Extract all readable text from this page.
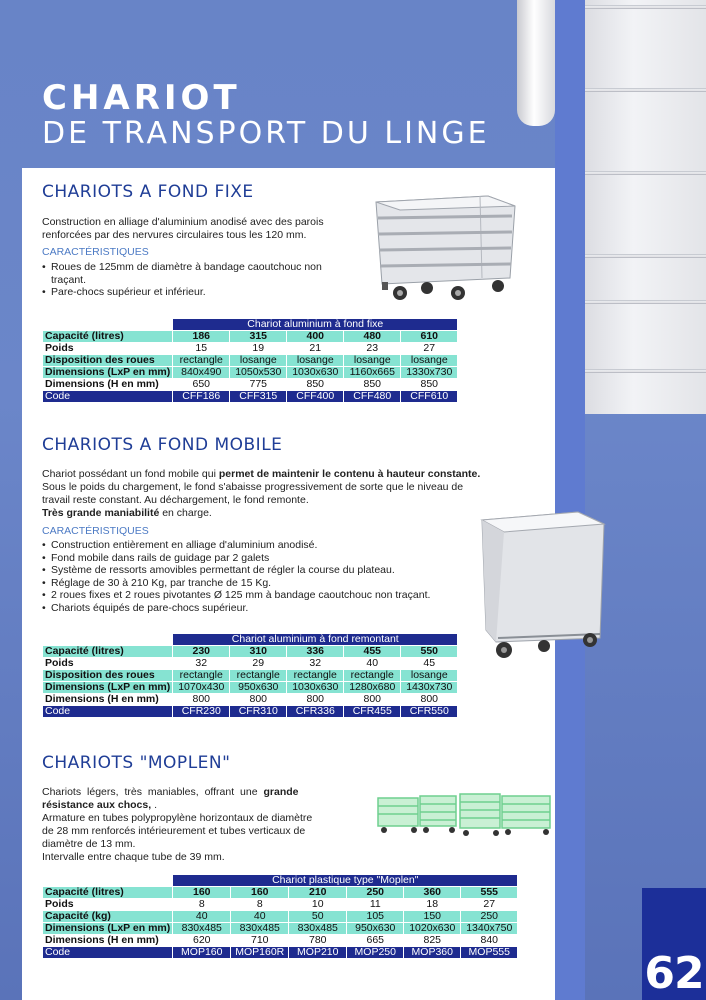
CHARIOT
DE TRANSPORT DU LINGE
CHARIOTS A FOND FIXE
Construction en alliage d'aluminium anodisé avec des parois
renforcées par des nervures circulaires tous les 120 mm.
CARACTÉRISTIQUES
• Roues de 125mm de diamètre à bandage caoutchouc non
traçant.
• Pare-chocs supérieur et inférieur.
	Chariot aluminium à fond fixe				
Capacité (litres)	186	315	400	480	610
Poids	15	19	21	23	27
Disposition des roues	rectangle	losange	losange	losange	losange
Dimensions (LxP en mm)	840x490	1050x530	1030x630	1160x665	1330x730
Dimensions (H en mm)	650	775	850	850	850
Code	CFF186	CFF315	CFF400	CFF480	CFF610
CHARIOTS A FOND MOBILE
Chariot possédant un fond mobile qui permet de maintenir le contenu à hauteur constante.
Sous le poids du chargement, le fond s'abaisse progressivement de sorte que le niveau de
travail reste constant. Au déchargement, le fond remonte.
Très grande maniabilité en charge.
CARACTÉRISTIQUES
• Construction entièrement en alliage d'aluminium anodisé.
• Fond mobile dans rails de guidage par 2 galets
• Système de ressorts amovibles permettant de régler la course du plateau.
• Réglage de 30 à 210 Kg, par tranche de 15 Kg.
• 2 roues fixes et 2 roues pivotantes Ø 125 mm à bandage caoutchouc non traçant.
• Chariots équipés de pare-chocs supérieur.
	Chariot aluminium à fond remontant				
Capacité (litres)	230	310	336	455	550
Poids	32	29	32	40	45
Disposition des roues	rectangle	rectangle	rectangle	rectangle	losange
Dimensions (LxP en mm)	1070x430	950x630	1030x630	1280x680	1430x730
Dimensions (H en mm)	800	800	800	800	800
Code	CFR230	CFR310	CFR336	CFR455	CFR550
CHARIOTS "MOPLEN"
Chariots légers, très maniables, offrant une grande
résistance aux chocs, .
Armature en tubes polypropylène horizontaux de diamètre
de 28 mm renforcés intérieurement et tubes verticaux de
diamètre de 13 mm.
Intervalle entre chaque tube de 39 mm.
	Chariot plastique type "Moplen"					
Capacité (litres)	160	160	210	250	360	555
Poids	8	8	10	11	18	27
Capacité (kg)	40	40	50	105	150	250
Dimensions (LxP en mm)	830x485	830x485	830x485	950x630	1020x630	1340x750
Dimensions (H en mm)	620	710	780	665	825	840
Code	MOP160	MOP160R	MOP210	MOP250	MOP360	MOP555	62
